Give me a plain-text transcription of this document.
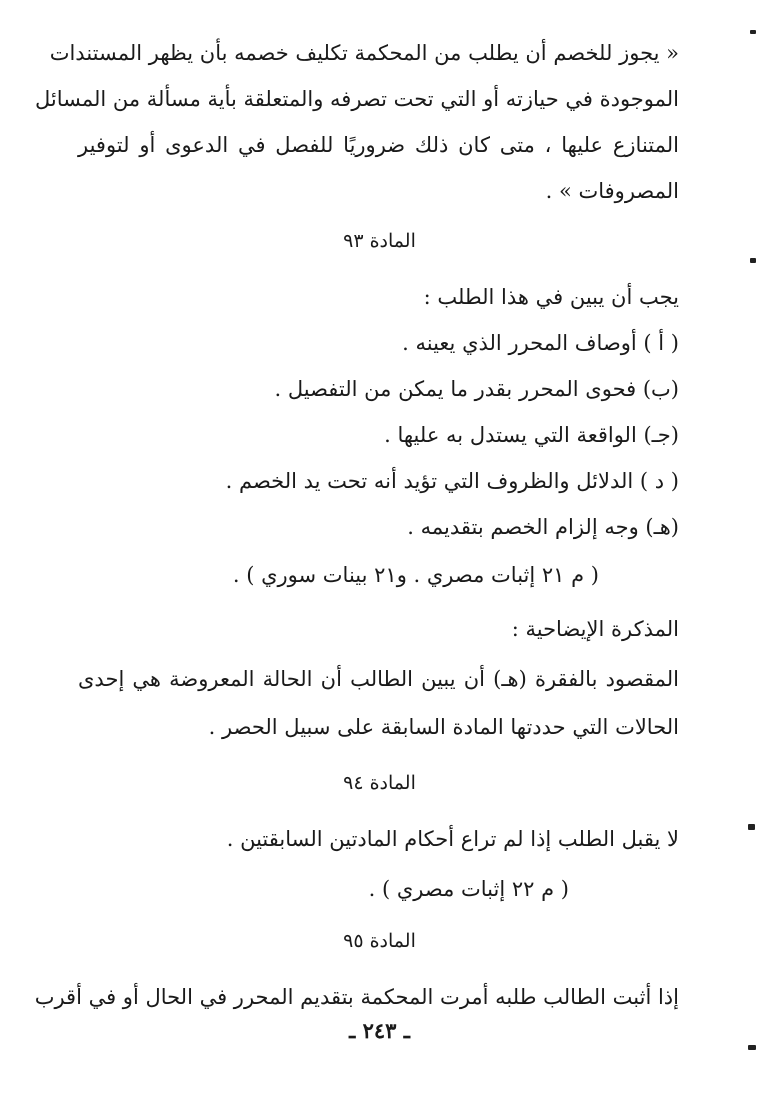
« يجوز للخصم أن يطلب من المحكمة تكليف خصمه بأن يظهر المستندات
الموجودة في حيازته أو التي تحت تصرفه والمتعلقة بأية مسألة من المسائل
المتنازع عليها ، متى كان ذلك ضروريًا للفصل في الدعوى أو لتوفير
المصروفات » .
المادة ٩٣
يجب أن يبين في هذا الطلب :
( أ ) أوصاف المحرر الذي يعينه .
(ب) فحوى المحرر بقدر ما يمكن من التفصيل .
(جـ) الواقعة التي يستدل به عليها .
( د ) الدلائل والظروف التي تؤيد أنه تحت يد الخصم .
(هـ) وجه إلزام الخصم بتقديمه .
( م ٢١ إثبات مصري . و٢١ بينات سوري ) .
المذكرة الإيضاحية :
المقصود بالفقرة (هـ) أن يبين الطالب أن الحالة المعروضة هي إحدى
الحالات التي حددتها المادة السابقة على سبيل الحصر .
المادة ٩٤
لا يقبل الطلب إذا لم تراع أحكام المادتين السابقتين .
( م ٢٢ إثبات مصري ) .
المادة ٩٥
إذا أثبت الطالب طلبه أمرت المحكمة بتقديم المحرر في الحال أو في أقرب
ـ ٢٤٣ ـ
